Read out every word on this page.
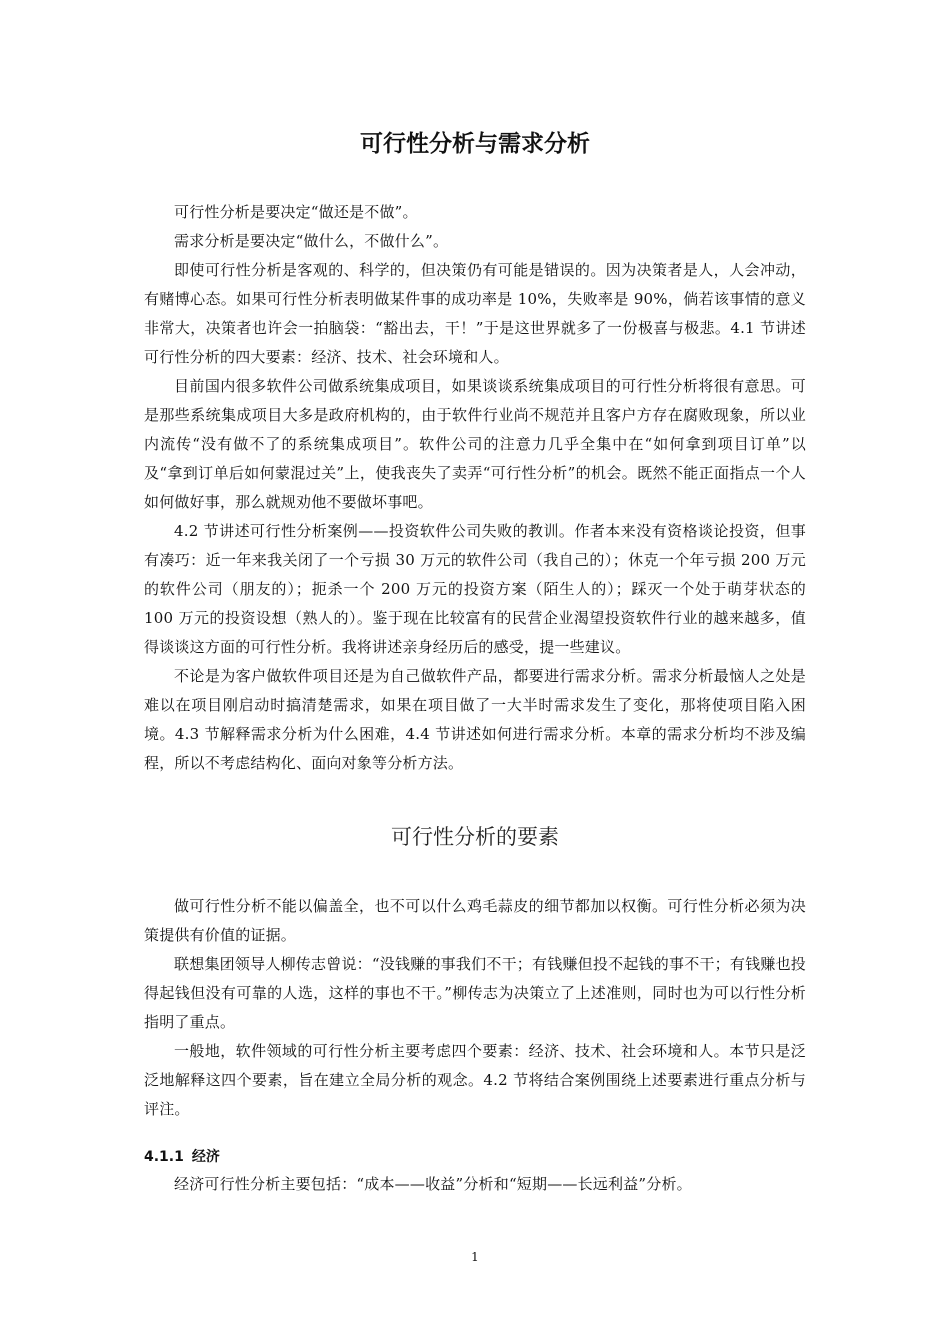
可行性分析与需求分析

可行性分析是要决定“做还是不做”。

需求分析是要决定“做什么，不做什么”。

即使可行性分析是客观的、科学的，但决策仍有可能是错误的。因为决策者是人，人会冲动，有赌博心态。如果可行性分析表明做某件事的成功率是 10%，失败率是 90%，倘若该事情的意义非常大，决策者也许会一拍脑袋：“豁出去，干！”于是这世界就多了一份极喜与极悲。4.1 节讲述可行性分析的四大要素：经济、技术、社会环境和人。

目前国内很多软件公司做系统集成项目，如果谈谈系统集成项目的可行性分析将很有意思。可是那些系统集成项目大多是政府机构的，由于软件行业尚不规范并且客户方存在腐败现象，所以业内流传“没有做不了的系统集成项目”。软件公司的注意力几乎全集中在“如何拿到项目订单”以及“拿到订单后如何蒙混过关”上，使我丧失了卖弄“可行性分析”的机会。既然不能正面指点一个人如何做好事，那么就规劝他不要做坏事吧。

4.2 节讲述可行性分析案例——投资软件公司失败的教训。作者本来没有资格谈论投资，但事有凑巧：近一年来我关闭了一个亏损 30 万元的软件公司（我自己的）；休克一个年亏损 200 万元的软件公司（朋友的）；扼杀一个 200 万元的投资方案（陌生人的）；踩灭一个处于萌芽状态的 100 万元的投资设想（熟人的）。鉴于现在比较富有的民营企业渴望投资软件行业的越来越多，值得谈谈这方面的可行性分析。我将讲述亲身经历后的感受，提一些建议。

不论是为客户做软件项目还是为自己做软件产品，都要进行需求分析。需求分析最恼人之处是难以在项目刚启动时搞清楚需求，如果在项目做了一大半时需求发生了变化，那将使项目陷入困境。4.3 节解释需求分析为什么困难，4.4 节讲述如何进行需求分析。本章的需求分析均不涉及编程，所以不考虑结构化、面向对象等分析方法。

可行性分析的要素

做可行性分析不能以偏盖全，也不可以什么鸡毛蒜皮的细节都加以权衡。可行性分析必须为决策提供有价值的证据。

联想集团领导人柳传志曾说：“没钱赚的事我们不干；有钱赚但投不起钱的事不干；有钱赚也投得起钱但没有可靠的人选，这样的事也不干。”柳传志为决策立了上述准则，同时也为可以行性分析指明了重点。

一般地，软件领域的可行性分析主要考虑四个要素：经济、技术、社会环境和人。本节只是泛泛地解释这四个要素，旨在建立全局分析的观念。4.2 节将结合案例围绕上述要素进行重点分析与评注。

4.1.1 经济

经济可行性分析主要包括：“成本——收益”分析和“短期——长远利益”分析。

1
